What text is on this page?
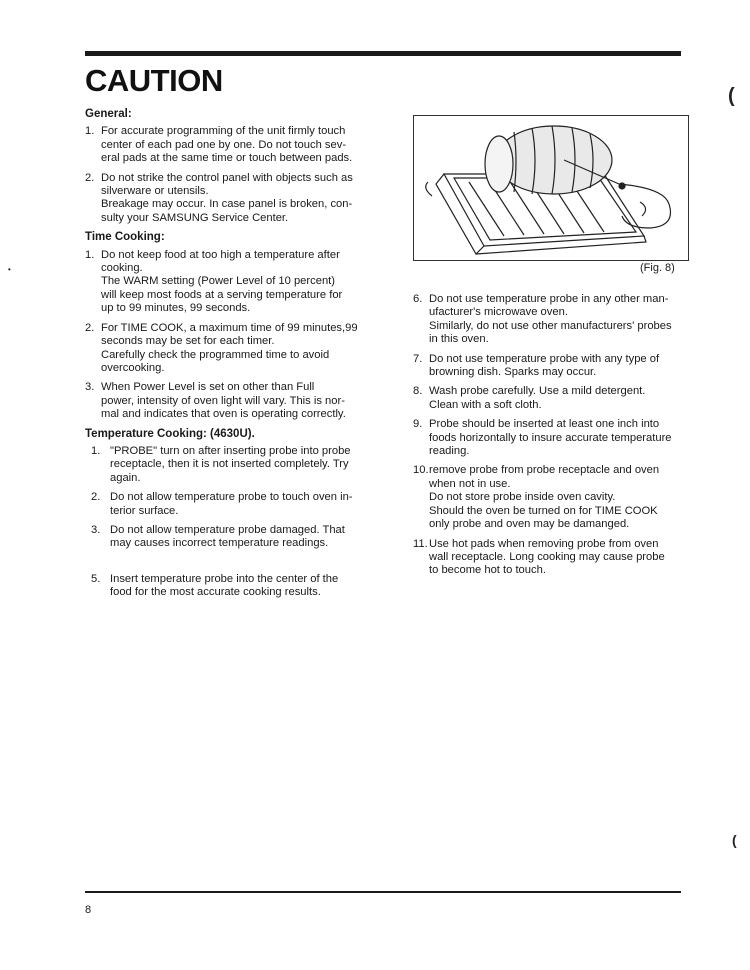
CAUTION
•
(
(
General:
1. For accurate programming of the unit firmly touch
center of each pad one by one. Do not touch sev-
eral pads at the same time or touch between pads.
2. Do not strike the control panel with objects such as
silverware or utensils.
Breakage may occur. In case panel is broken, con-
sulty your SAMSUNG Service Center.
Time Cooking:
1. Do not keep food at too high a temperature after
cooking.
The WARM setting (Power Level of 10 percent)
will keep most foods at a serving temperature for
up to 99 minutes, 99 seconds.
2. For TIME COOK, a maximum time of 99 minutes,99
seconds may be set for each timer.
Carefully check the programmed time to avoid
overcooking.
3. When Power Level is set on other than Full
power, intensity of oven light will vary. This is nor-
mal and indicates that oven is operating correctly.
Temperature Cooking: (4630U).
1. "PROBE" turn on after inserting probe into probe
receptacle, then it is not inserted completely. Try
again.
2. Do not allow temperature probe to touch oven in-
terior surface.
3. Do not allow temperature probe damaged. That
may causes incorrect temperature readings.
5. Insert temperature probe into the center of the
food for the most accurate cooking results.
(Fig. 8)
6. Do not use temperature probe in any other man-
ufacturer's microwave oven.
Similarly, do not use other manufacturers' probes
in this oven.
7. Do not use temperature probe with any type of
browning dish. Sparks may occur.
8. Wash probe carefully. Use a mild detergent.
Clean with a soft cloth.
9. Probe should be inserted at least one inch into
foods horizontally to insure accurate temperature
reading.
10. remove probe from probe receptacle and oven
when not in use.
Do not store probe inside oven cavity.
Should the oven be turned on for TIME COOK
only probe and oven may be damanged.
11. Use hot pads when removing probe from oven
wall receptacle. Long cooking may cause probe
to become hot to touch.
8
